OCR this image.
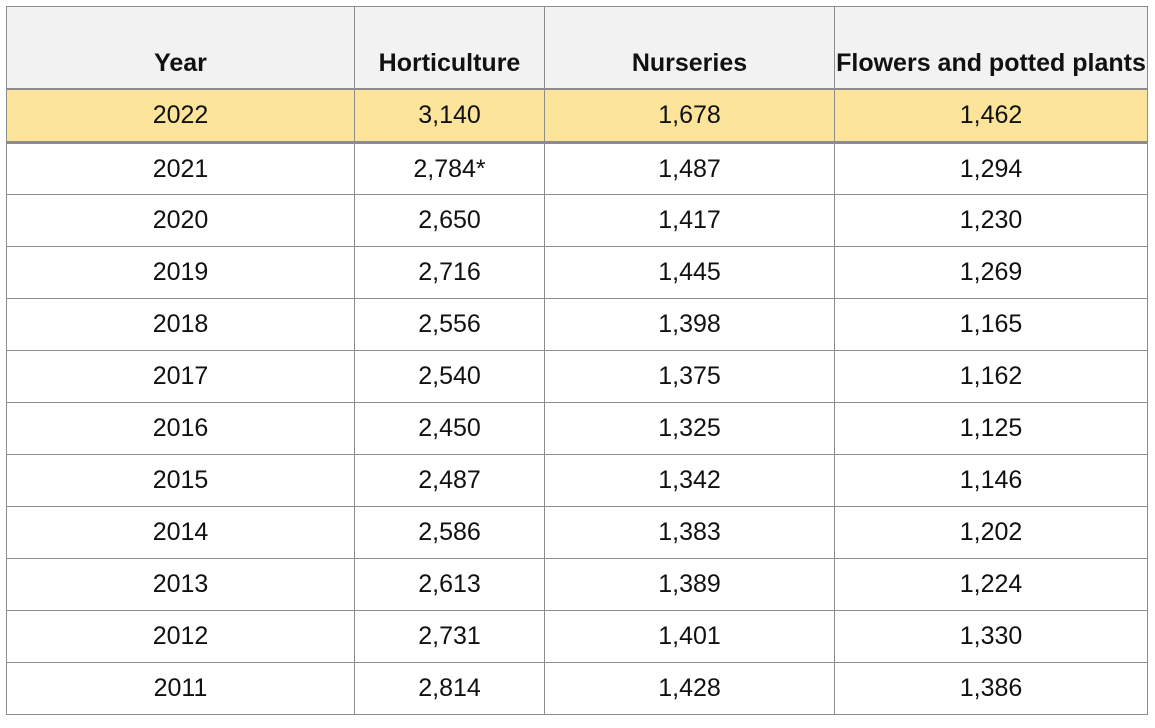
Year	Horticulture	Nurseries	Flowers and potted plants
2022	3,140	1,678	1,462
2021	2,784*	1,487	1,294
2020	2,650	1,417	1,230
2019	2,716	1,445	1,269
2018	2,556	1,398	1,165
2017	2,540	1,375	1,162
2016	2,450	1,325	1,125
2015	2,487	1,342	1,146
2014	2,586	1,383	1,202
2013	2,613	1,389	1,224
2012	2,731	1,401	1,330
2011	2,814	1,428	1,386
